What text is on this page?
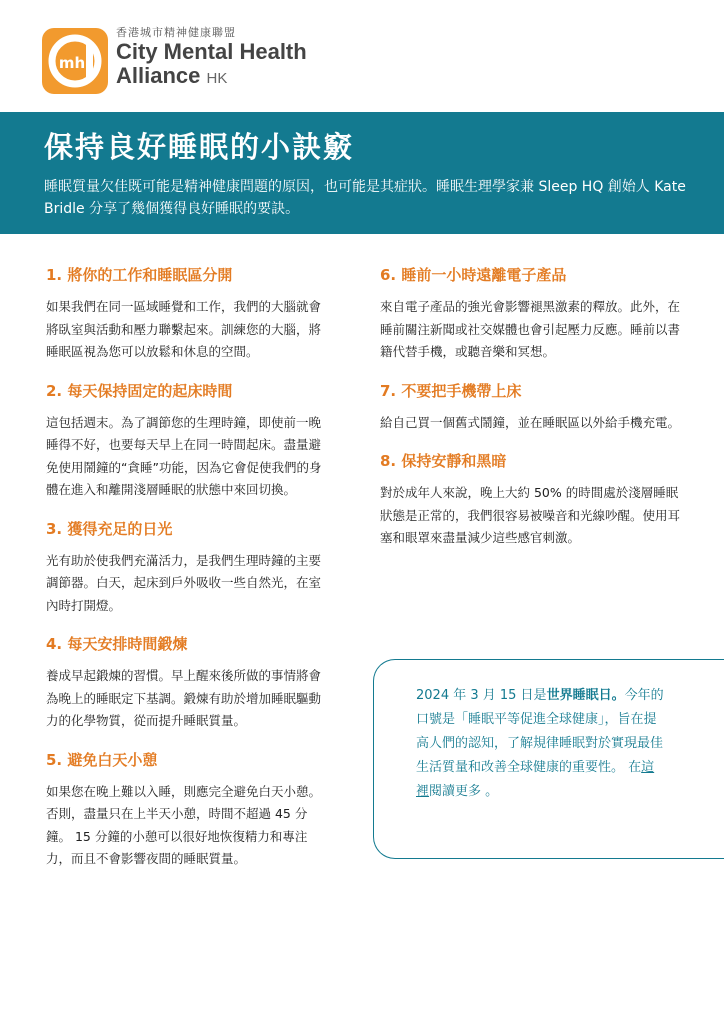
mh
香港城市精神健康聯盟
City Mental Health
Alliance HK
保持良好睡眠的小訣竅

睡眠質量欠佳既可能是精神健康問題的原因，也可能是其症狀。睡眠生理學家兼 Sleep HQ 創始人 Kate Bridle 分享了幾個獲得良好睡眠的要訣。

1. 將你的工作和睡眠區分開

如果我們在同一區域睡覺和工作，我們的大腦就會將臥室與活動和壓力聯繫起來。訓練您的大腦，將睡眠區視為您可以放鬆和休息的空間。

2. 每天保持固定的起床時間

這包括週末。為了調節您的生理時鐘，即使前一晚睡得不好，也要每天早上在同一時間起床。盡量避免使用鬧鐘的“貪睡”功能，因為它會促使我們的身體在進入和離開淺層睡眠的狀態中來回切換。

3. 獲得充足的日光

光有助於使我們充滿活力，是我們生理時鐘的主要調節器。白天，起床到戶外吸收一些自然光，在室內時打開燈。

4. 每天安排時間鍛煉

養成早起鍛煉的習慣。早上醒來後所做的事情將會為晚上的睡眠定下基調。鍛煉有助於增加睡眠驅動力的化學物質，從而提升睡眠質量。

5. 避免白天小憩

如果您在晚上難以入睡，則應完全避免白天小憩。 否則，盡量只在上半天小憩，時間不超過 45 分鐘。 15 分鐘的小憩可以很好地恢復精力和專注力，而且不會影響夜間的睡眠質量。

6. 睡前一小時遠離電子產品

來自電子產品的強光會影響褪黑激素的釋放。此外，在睡前關注新聞或社交媒體也會引起壓力反應。睡前以書籍代替手機，或聽音樂和冥想。

7. 不要把手機帶上床

給自己買一個舊式鬧鐘，並在睡眠區以外給手機充電。

8. 保持安靜和黑暗

對於成年人來說，晚上大約 50% 的時間處於淺層睡眠狀態是正常的，我們很容易被噪音和光線吵醒。使用耳塞和眼罩來盡量減少這些感官刺激。

2024 年 3 月 15 日是世界睡眠日。今年的口號是「睡眠平等促進全球健康」，旨在提高人們的認知，了解規律睡眠對於實現最佳生活質量和改善全球健康的重要性。 在這裡閱讀更多 。
